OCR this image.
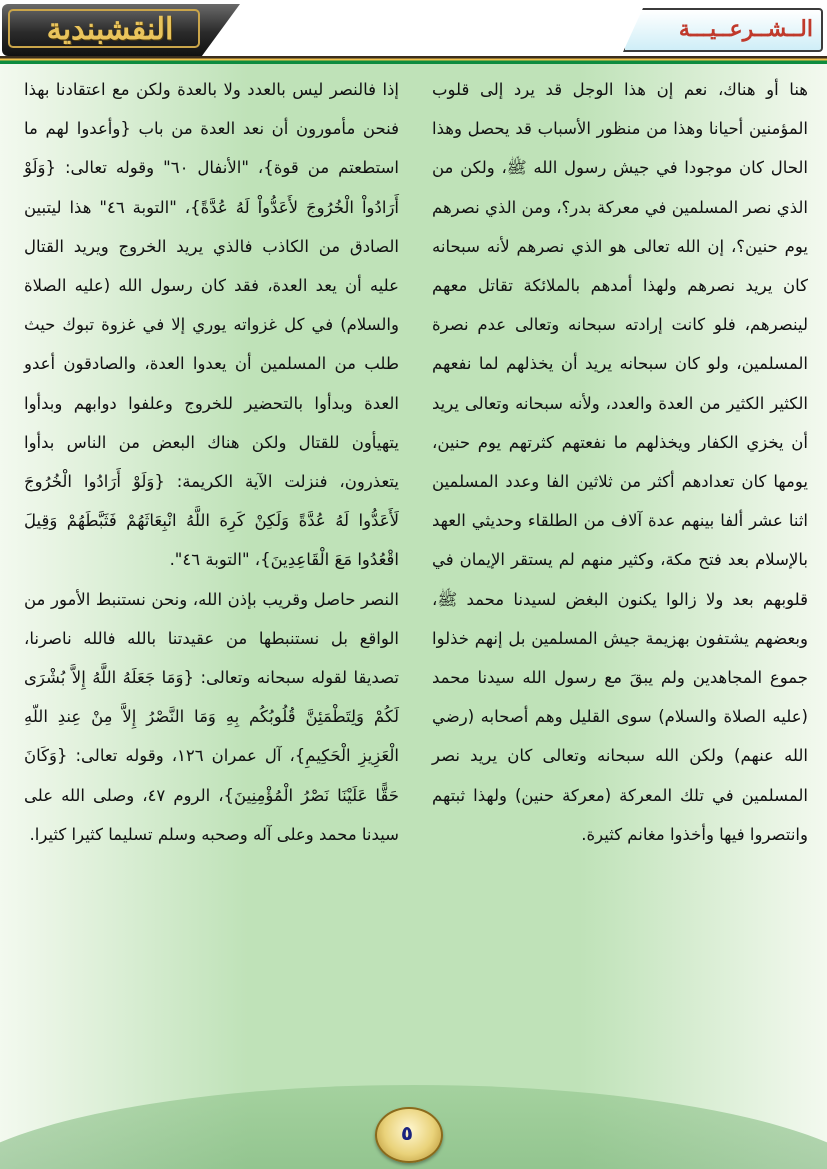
النقشبندية	الــشــرعــيـــة

هنا أو هناك، نعم إن هذا الوجل قد يرد إلى قلوب المؤمنين أحيانا وهذا من منظور الأسباب قد يحصل وهذا الحال كان موجودا في جيش رسول الله ﷺ، ولكن من الذي نصر المسلمين في معركة بدر؟، ومن الذي نصرهم يوم حنين؟، إن الله تعالى هو الذي نصرهم لأنه سبحانه كان يريد نصرهم ولهذا أمدهم بالملائكة تقاتل معهم لينصرهم، فلو كانت إرادته سبحانه وتعالى عدم نصرة المسلمين، ولو كان سبحانه يريد أن يخذلهم لما نفعهم الكثير الكثير من العدة والعدد، ولأنه سبحانه وتعالى يريد أن يخزي الكفار ويخذلهم ما نفعتهم كثرتهم يوم حنين، يومها كان تعدادهم أكثر من ثلاثين الفا وعدد المسلمين اثنا عشر ألفا بينهم عدة آلاف من الطلقاء وحديثي العهد بالإسلام بعد فتح مكة، وكثير منهم لم يستقر الإيمان في قلوبهم بعد ولا زالوا يكنون البغض لسيدنا محمد ﷺ، وبعضهم يشتفون بهزيمة جيش المسلمين بل إنهم خذلوا جموع المجاهدين ولم يبقَ مع رسول الله سيدنا محمد (عليه الصلاة والسلام) سوى القليل وهم أصحابه (رضي الله عنهم) ولكن الله سبحانه وتعالى كان يريد نصر المسلمين في تلك المعركة (معركة حنين) ولهذا ثبتهم وانتصروا فيها وأخذوا مغانم كثيرة.

إذا فالنصر ليس بالعدد ولا بالعدة ولكن مع اعتقادنا بهذا فنحن مأمورون أن نعد العدة من باب {وأعدوا لهم ما استطعتم من قوة}، "الأنفال ٦٠" وقوله تعالى: {وَلَوْ أَرَادُواْ الْخُرُوجَ لأَعَدُّواْ لَهُ عُدَّةً}، "التوبة ٤٦" هذا ليتبين الصادق من الكاذب فالذي يريد الخروج ويريد القتال عليه أن يعد العدة، فقد كان رسول الله (عليه الصلاة والسلام) في كل غزواته يوري إلا في غزوة تبوك حيث طلب من المسلمين أن يعدوا العدة، والصادقون أعدو العدة وبدأوا بالتحضير للخروج وعلفوا دوابهم وبدأوا يتهيأون للقتال ولكن هناك البعض من الناس بدأوا يتعذرون، فنزلت الآية الكريمة: {وَلَوْ أَرَادُوا الْخُرُوجَ لَأَعَدُّوا لَهُ عُدَّةً وَلَكِنْ كَرِهَ اللَّهُ انْبِعَاثَهُمْ فَثَبَّطَهُمْ وَقِيلَ اقْعُدُوا مَعَ الْقَاعِدِينَ}، "التوبة ٤٦".

النصر حاصل وقريب بإذن الله، ونحن نستنبط الأمور من الواقع بل نستنبطها من عقيدتنا بالله فالله ناصرنا، تصديقا لقوله سبحانه وتعالى: {وَمَا جَعَلَهُ اللَّهُ إِلاَّ بُشْرَى لَكُمْ وَلِتَطْمَئِنَّ قُلُوبُكُم بِهِ وَمَا النَّصْرُ إِلاَّ مِنْ عِندِ اللّهِ الْعَزِيزِ الْحَكِيمِ}، آل عمران ١٢٦، وقوله تعالى: {وَكَانَ حَقًّا عَلَيْنَا نَصْرُ الْمُؤْمِنِينَ}، الروم ٤٧، وصلى الله على سيدنا محمد وعلى آله وصحبه وسلم تسليما كثيرا كثيرا.

٥
